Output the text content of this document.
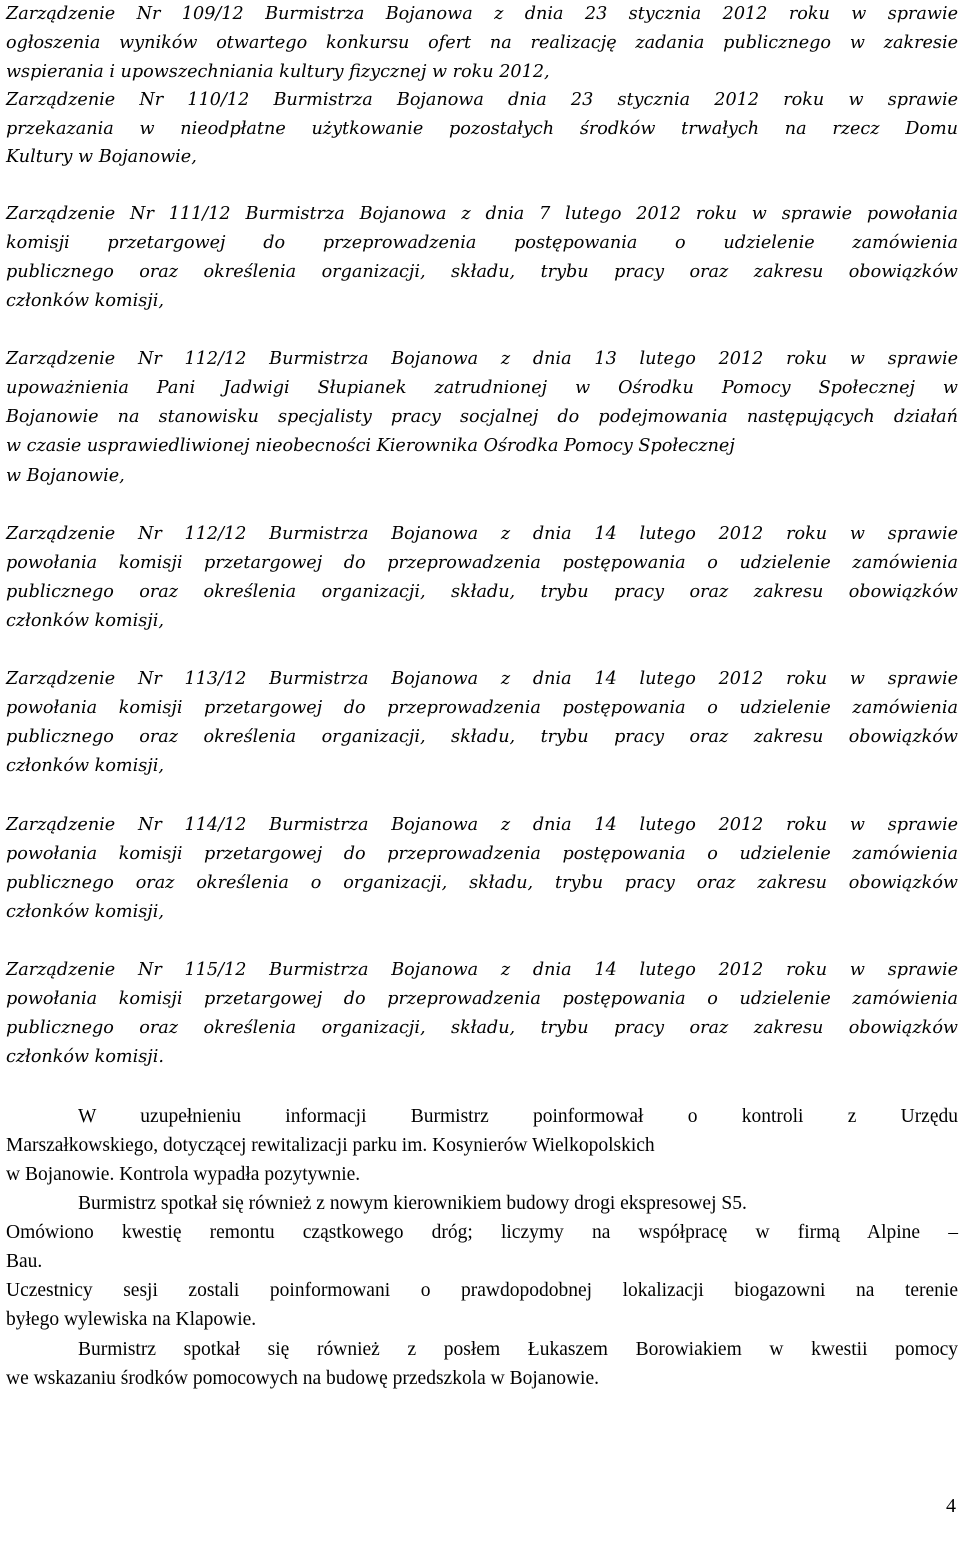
Zarządzenie Nr 109/12 Burmistrza Bojanowa z dnia 23 stycznia 2012 roku w sprawie
ogłoszenia wyników otwartego konkursu ofert na realizację zadania publicznego w zakresie
wspierania i upowszechniania kultury fizycznej w roku 2012,
Zarządzenie Nr 110/12 Burmistrza Bojanowa dnia 23 stycznia 2012 roku w sprawie
przekazania w nieodpłatne użytkowanie pozostałych środków trwałych na rzecz Domu
Kultury w Bojanowie,
Zarządzenie Nr 111/12 Burmistrza Bojanowa z dnia 7 lutego 2012 roku w sprawie powołania
komisji przetargowej do przeprowadzenia postępowania o udzielenie zamówienia
publicznego oraz określenia organizacji, składu, trybu pracy oraz zakresu obowiązków
członków komisji,
Zarządzenie Nr 112/12 Burmistrza Bojanowa z dnia 13 lutego 2012 roku w sprawie
upoważnienia Pani Jadwigi Słupianek zatrudnionej w Ośrodku Pomocy Społecznej w
Bojanowie na stanowisku specjalisty pracy socjalnej do podejmowania następujących działań
w czasie usprawiedliwionej nieobecności Kierownika Ośrodka Pomocy Społecznej
w Bojanowie,
Zarządzenie Nr 112/12 Burmistrza Bojanowa z dnia 14 lutego 2012 roku w sprawie
powołania komisji przetargowej do przeprowadzenia postępowania o udzielenie zamówienia
publicznego oraz określenia organizacji, składu, trybu pracy oraz zakresu obowiązków
członków komisji,
Zarządzenie Nr 113/12 Burmistrza Bojanowa z dnia 14 lutego 2012 roku w sprawie
powołania komisji przetargowej do przeprowadzenia postępowania o udzielenie zamówienia
publicznego oraz określenia organizacji, składu, trybu pracy oraz zakresu obowiązków
członków komisji,
Zarządzenie Nr 114/12 Burmistrza Bojanowa z dnia 14 lutego 2012 roku w sprawie
powołania komisji przetargowej do przeprowadzenia postępowania o udzielenie zamówienia
publicznego oraz określenia o organizacji, składu, trybu pracy oraz zakresu obowiązków
członków komisji,
Zarządzenie Nr 115/12 Burmistrza Bojanowa z dnia 14 lutego 2012 roku w sprawie
powołania komisji przetargowej do przeprowadzenia postępowania o udzielenie zamówienia
publicznego oraz określenia organizacji, składu, trybu pracy oraz zakresu obowiązków
członków komisji.
W uzupełnieniu informacji Burmistrz poinformował o kontroli z Urzędu
Marszałkowskiego, dotyczącej rewitalizacji parku im. Kosynierów Wielkopolskich
w Bojanowie. Kontrola wypadła pozytywnie.
Burmistrz spotkał się również z nowym kierownikiem budowy drogi ekspresowej S5.
Omówiono kwestię remontu cząstkowego dróg; liczymy na współpracę w firmą Alpine –
Bau.
Uczestnicy sesji zostali poinformowani o prawdopodobnej lokalizacji biogazowni na terenie
byłego wylewiska na Klapowie.
Burmistrz spotkał się również z posłem Łukaszem Borowiakiem w kwestii pomocy
we wskazaniu środków pomocowych na budowę przedszkola w Bojanowie.
4
